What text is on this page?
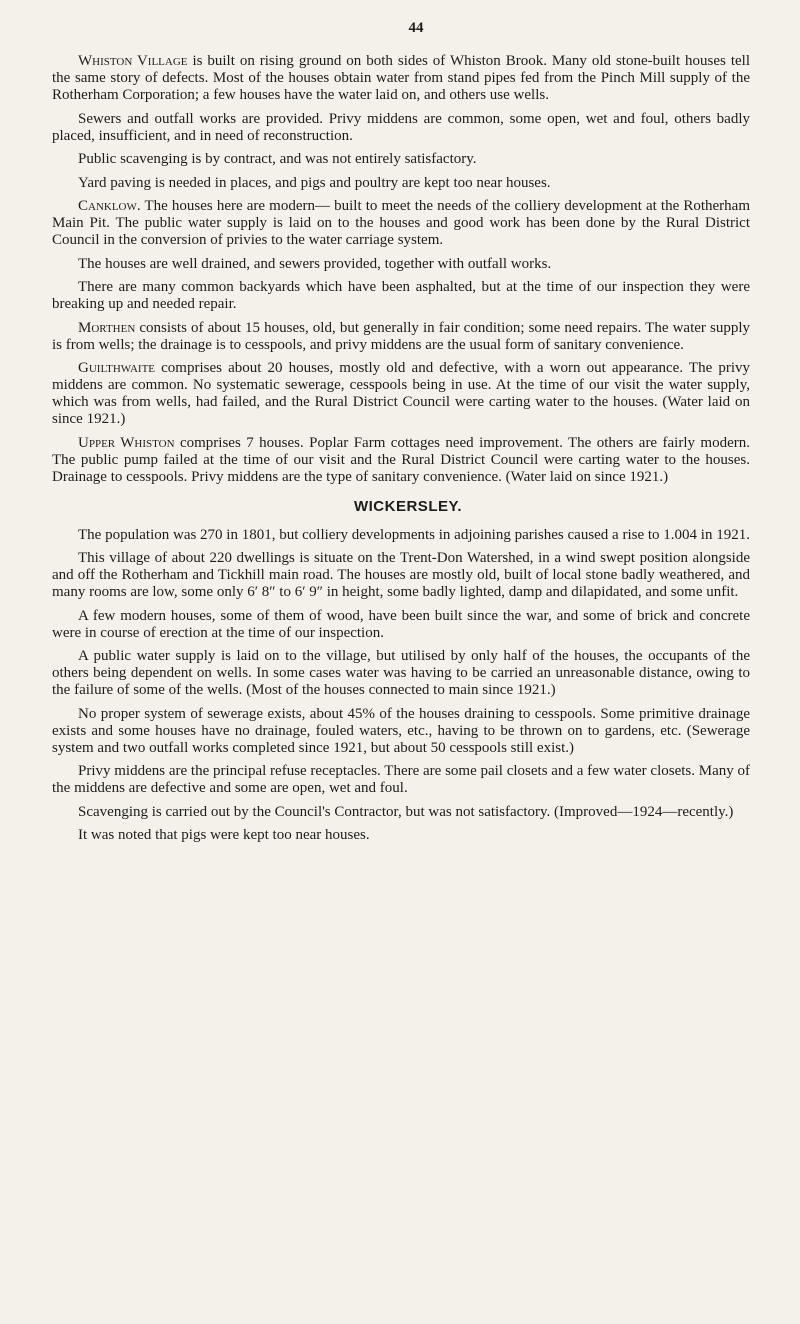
44

Whiston Village is built on rising ground on both sides of Whiston Brook. Many old stone-built houses tell the same story of defects. Most of the houses obtain water from stand pipes fed from the Pinch Mill supply of the Rotherham Corporation; a few houses have the water laid on, and others use wells.

Sewers and outfall works are provided. Privy middens are common, some open, wet and foul, others badly placed, insufficient, and in need of reconstruction.

Public scavenging is by contract, and was not entirely satisfactory.

Yard paving is needed in places, and pigs and poultry are kept too near houses.

Canklow. The houses here are modern— built to meet the needs of the colliery development at the Rotherham Main Pit. The public water supply is laid on to the houses and good work has been done by the Rural District Council in the conversion of privies to the water carriage system.

The houses are well drained, and sewers provided, together with outfall works.

There are many common backyards which have been asphalted, but at the time of our inspection they were breaking up and needed repair.

Morthen consists of about 15 houses, old, but generally in fair condition; some need repairs. The water supply is from wells; the drainage is to cesspools, and privy middens are the usual form of sanitary convenience.

Guilthwaite comprises about 20 houses, mostly old and defective, with a worn out appearance. The privy middens are common. No systematic sewerage, cesspools being in use. At the time of our visit the water supply, which was from wells, had failed, and the Rural District Council were carting water to the houses. (Water laid on since 1921.)

Upper Whiston comprises 7 houses. Poplar Farm cottages need improvement. The others are fairly modern. The public pump failed at the time of our visit and the Rural District Council were carting water to the houses. Drainage to cesspools. Privy middens are the type of sanitary convenience. (Water laid on since 1921.)

WICKERSLEY.

The population was 270 in 1801, but colliery developments in adjoining parishes caused a rise to 1.004 in 1921.

This village of about 220 dwellings is situate on the Trent-Don Watershed, in a wind swept position alongside and off the Rotherham and Tickhill main road. The houses are mostly old, built of local stone badly weathered, and many rooms are low, some only 6′ 8″ to 6′ 9″ in height, some badly lighted, damp and dilapidated, and some unfit.

A few modern houses, some of them of wood, have been built since the war, and some of brick and concrete were in course of erection at the time of our inspection.

A public water supply is laid on to the village, but utilised by only half of the houses, the occupants of the others being dependent on wells. In some cases water was having to be carried an unreasonable distance, owing to the failure of some of the wells. (Most of the houses connected to main since 1921.)

No proper system of sewerage exists, about 45% of the houses draining to cesspools. Some primitive drainage exists and some houses have no drainage, fouled waters, etc., having to be thrown on to gardens, etc. (Sewerage system and two outfall works completed since 1921, but about 50 cesspools still exist.)

Privy middens are the principal refuse receptacles. There are some pail closets and a few water closets. Many of the middens are defective and some are open, wet and foul.

Scavenging is carried out by the Council's Contractor, but was not satisfactory. (Improved—1924—recently.)

It was noted that pigs were kept too near houses.
